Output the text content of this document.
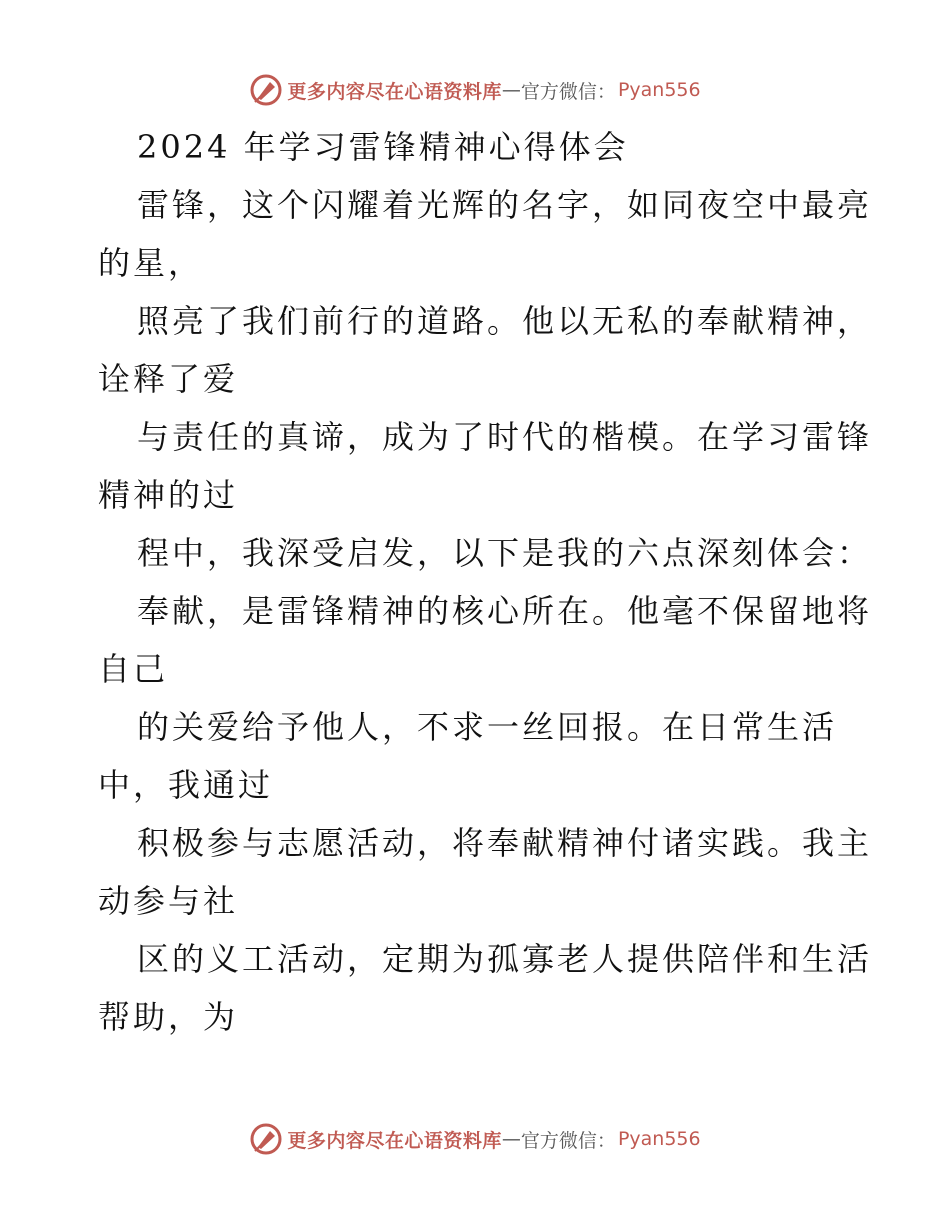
更多内容尽在心语资料库 — 官方微信： Pyan556
2024 年学习雷锋精神心得体会
雷锋，这个闪耀着光辉的名字，如同夜空中最亮
的星，
照亮了我们前行的道路。他以无私的奉献精神，
诠释了爱
与责任的真谛，成为了时代的楷模。在学习雷锋
精神的过
程中，我深受启发，以下是我的六点深刻体会：
奉献，是雷锋精神的核心所在。他毫不保留地将
自己
的关爱给予他人，不求一丝回报。在日常生活
中，我通过
积极参与志愿活动，将奉献精神付诸实践。我主
动参与社
区的义工活动，定期为孤寡老人提供陪伴和生活
帮助，为
更多内容尽在心语资料库 — 官方微信： Pyan556
